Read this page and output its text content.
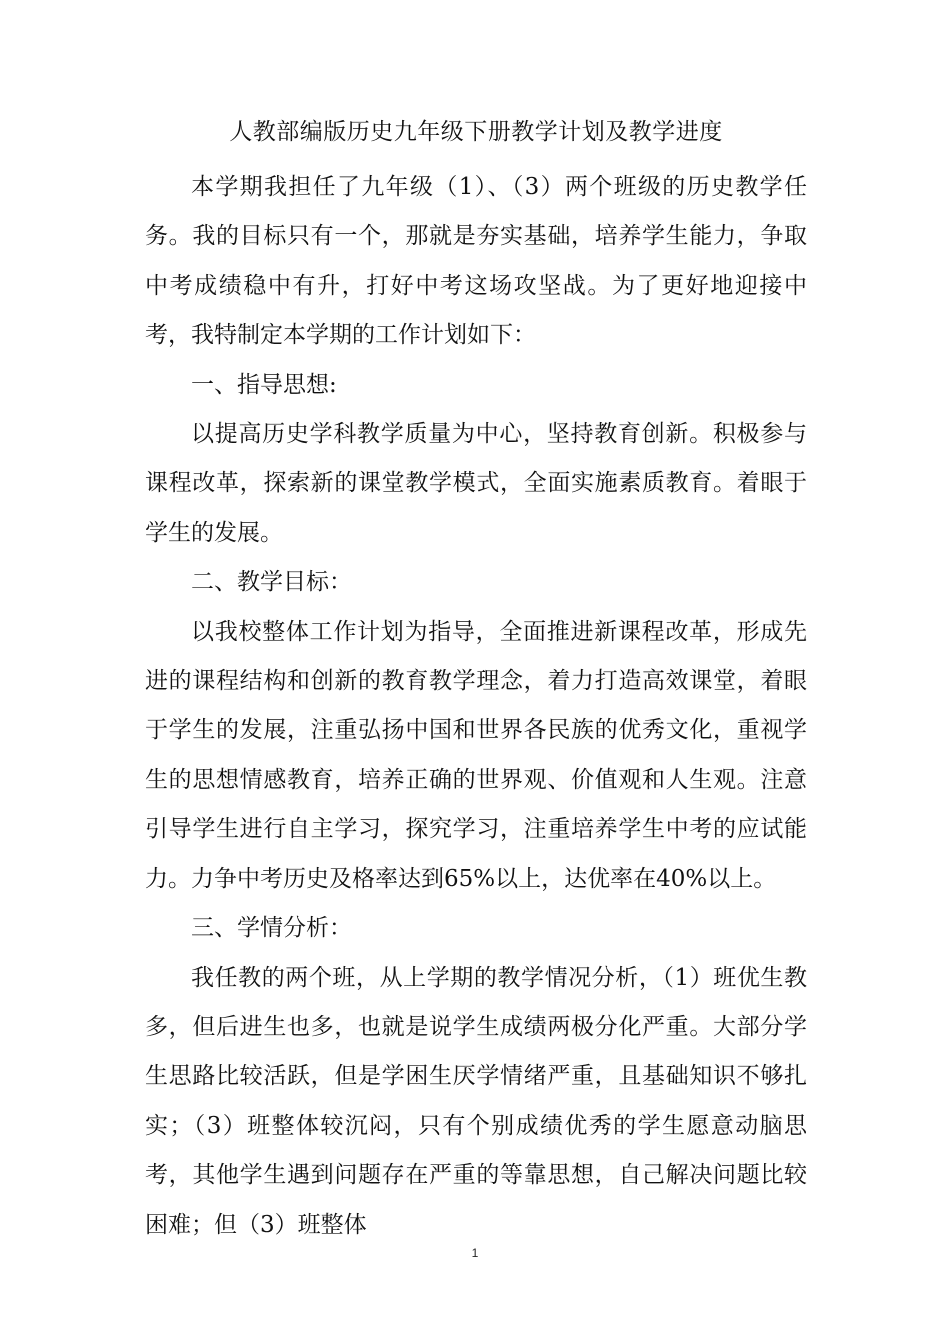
人教部编版历史九年级下册教学计划及教学进度

本学期我担任了九年级（1）、（3）两个班级的历史教学任务。我的目标只有一个，那就是夯实基础，培养学生能力，争取中考成绩稳中有升，打好中考这场攻坚战。为了更好地迎接中考，我特制定本学期的工作计划如下：

一、指导思想:

以提高历史学科教学质量为中心，坚持教育创新。积极参与课程改革，探索新的课堂教学模式，全面实施素质教育。着眼于学生的发展。

二、教学目标：

以我校整体工作计划为指导，全面推进新课程改革，形成先进的课程结构和创新的教育教学理念，着力打造高效课堂，着眼于学生的发展，注重弘扬中国和世界各民族的优秀文化，重视学生的思想情感教育，培养正确的世界观、价值观和人生观。注意引导学生进行自主学习，探究学习，注重培养学生中考的应试能力。力争中考历史及格率达到65%以上，达优率在40%以上。

三、学情分析：

我任教的两个班，从上学期的教学情况分析，（1）班优生教多，但后进生也多，也就是说学生成绩两极分化严重。大部分学生思路比较活跃，但是学困生厌学情绪严重，且基础知识不够扎实；（3）班整体较沉闷，只有个别成绩优秀的学生愿意动脑思考，其他学生遇到问题存在严重的等靠思想，自己解决问题比较困难；但（3）班整体

1
